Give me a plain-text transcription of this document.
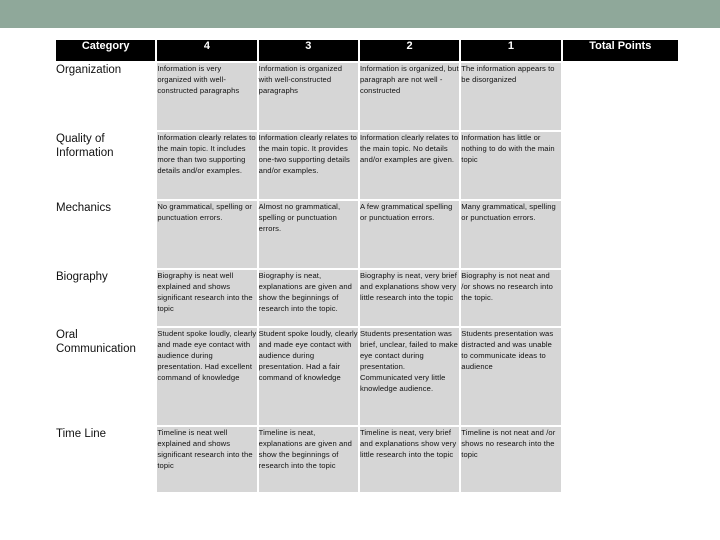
Category	4	3	2	1	Total Points
Organization	Information is very organized with well-constructed paragraphs	Information is organized with well-constructed paragraphs	Information is organized, but paragraph are not well -constructed	The information appears to be disorganized	
Quality of Information	Information clearly relates to the main topic. It includes more than two supporting details and/or examples.	Information clearly relates to the main topic. It provides one-two supporting details and/or examples.	Information clearly relates to the main topic. No details and/or examples are given.	Information has little or nothing to do with the main topic	
Mechanics	No grammatical, spelling or punctuation errors.	Almost no grammatical, spelling or punctuation errors.	A few grammatical spelling or punctuation errors.	Many grammatical, spelling or punctuation errors.	
Biography	Biography is neat well explained and shows significant research into the topic	Biography is neat, explanations are given and show the beginnings of research into the topic.	Biography is neat, very brief and explanations show very little research into the topic	Biography is not neat and /or shows no research into the topic.	
Oral Communication	Student spoke loudly, clearly and made eye contact with audience during presentation. Had excellent command of knowledge	Student spoke loudly, clearly and made eye contact with audience during presentation. Had a fair command of knowledge	Students presentation was brief, unclear, failed to make eye contact during presentation. Communicated very little knowledge audience.	Students presentation was distracted and was unable to communicate ideas to audience	
Time Line	Timeline is neat well explained and shows significant research into the topic	Timeline is neat, explanations are given and show the beginnings of research into the topic	Timeline is neat, very brief and explanations show very little research into the topic	Timeline is not neat and /or shows no research into the topic	
